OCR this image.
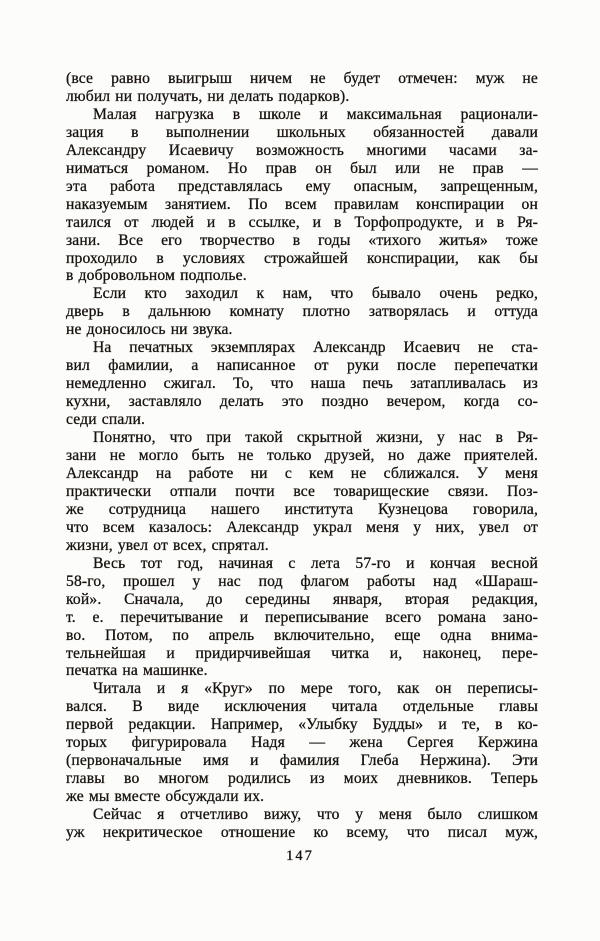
(все равно выигрыш ничем не будет отмечен: муж не
любил ни получать, ни делать подарков).
Малая нагрузка в школе и максимальная рационали-
зация в выполнении школьных обязанностей давали
Александру Исаевичу возможность многими часами за-
ниматься романом. Но прав он был или не прав —
эта работа представлялась ему опасным, запрещенным,
наказуемым занятием. По всем правилам конспирации он
таился от людей и в ссылке, и в Торфопродукте, и в Ря-
зани. Все его творчество в годы «тихого житья» тоже
проходило в условиях строжайшей конспирации, как бы
в добровольном подполье.
Если кто заходил к нам, что бывало очень редко,
дверь в дальнюю комнату плотно затворялась и оттуда
не доносилось ни звука.
На печатных экземплярах Александр Исаевич не ста-
вил фамилии, а написанное от руки после перепечатки
немедленно сжигал. То, что наша печь затапливалась из
кухни, заставляло делать это поздно вечером, когда со-
седи спали.
Понятно, что при такой скрытной жизни, у нас в Ря-
зани не могло быть не только друзей, но даже приятелей.
Александр на работе ни с кем не сближался. У меня
практически отпали почти все товарищеские связи. Поз-
же сотрудница нашего института Кузнецова говорила,
что всем казалось: Александр украл меня у них, увел от
жизни, увел от всех, спрятал.
Весь тот год, начиная с лета 57-го и кончая весной
58-го, прошел у нас под флагом работы над «Шараш-
кой». Сначала, до середины января, вторая редакция,
т. е. перечитывание и переписывание всего романа зано-
во. Потом, по апрель включительно, еще одна внима-
тельнейшая и придирчивейшая читка и, наконец, пере-
печатка на машинке.
Читала и я «Круг» по мере того, как он переписы-
вался. В виде исключения читала отдельные главы
первой редакции. Например, «Улыбку Будды» и те, в ко-
торых фигурировала Надя — жена Сергея Кержина
(первоначальные имя и фамилия Глеба Нержина). Эти
главы во многом родились из моих дневников. Теперь
же мы вместе обсуждали их.
Сейчас я отчетливо вижу, что у меня было слишком
уж некритическое отношение ко всему, что писал муж,
147
